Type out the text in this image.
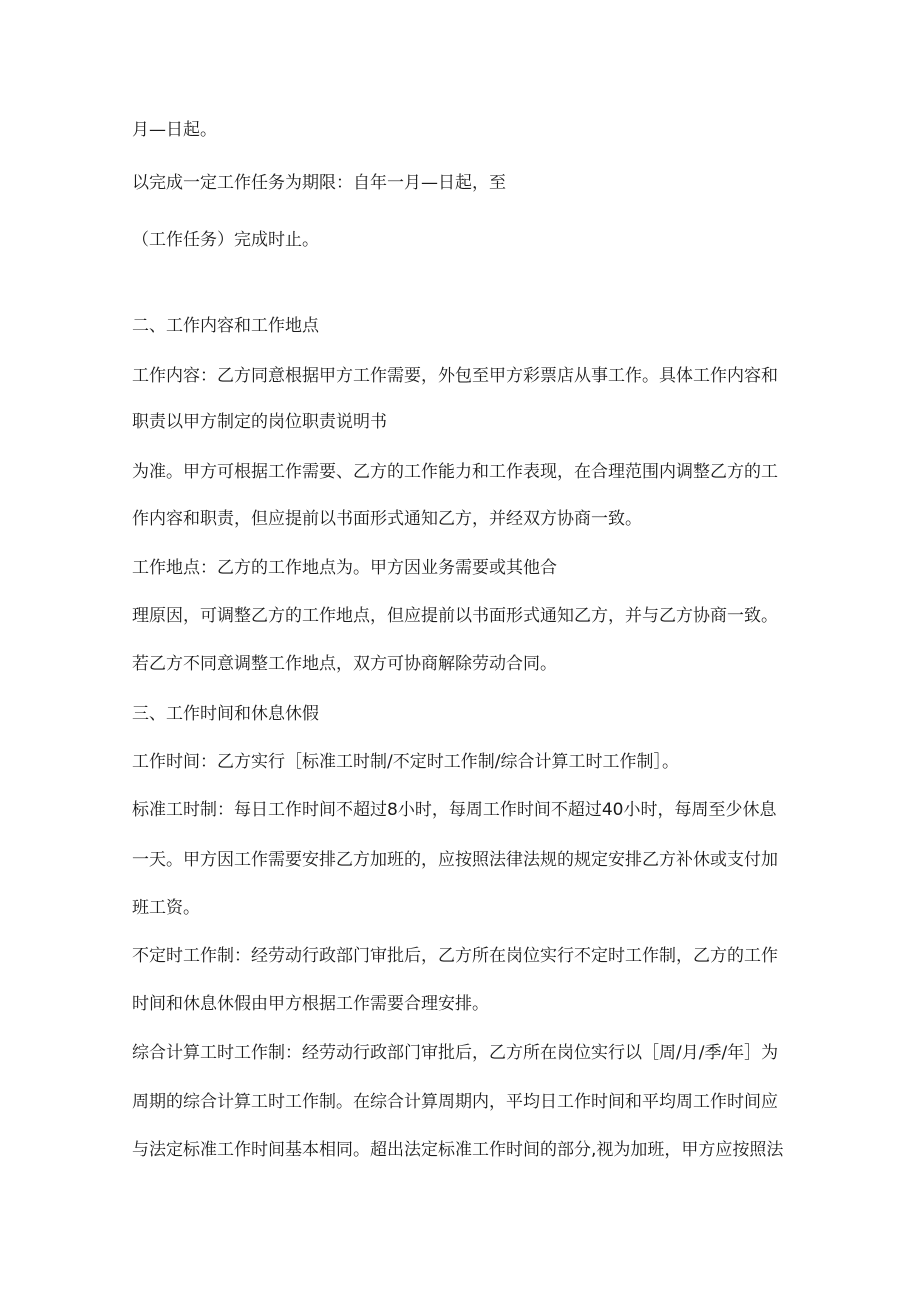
月—日起。

以完成一定工作任务为期限：自年一月—日起，至

（工作任务）完成时止。

二、工作内容和工作地点

工作内容：乙方同意根据甲方工作需要，外包至甲方彩票店从事工作。具体工作内容和

职责以甲方制定的岗位职责说明书

为准。甲方可根据工作需要、乙方的工作能力和工作表现，在合理范围内调整乙方的工

作内容和职责，但应提前以书面形式通知乙方，并经双方协商一致。

工作地点：乙方的工作地点为。甲方因业务需要或其他合

理原因，可调整乙方的工作地点，但应提前以书面形式通知乙方，并与乙方协商一致。

若乙方不同意调整工作地点，双方可协商解除劳动合同。

三、工作时间和休息休假

工作时间：乙方实行［标准工时制/不定时工作制/综合计算工时工作制］。

标准工时制：每日工作时间不超过8小时，每周工作时间不超过40小时，每周至少休息

一天。甲方因工作需要安排乙方加班的，应按照法律法规的规定安排乙方补休或支付加

班工资。

不定时工作制：经劳动行政部门审批后，乙方所在岗位实行不定时工作制，乙方的工作

时间和休息休假由甲方根据工作需要合理安排。

综合计算工时工作制：经劳动行政部门审批后，乙方所在岗位实行以［周/月/季/年］为

周期的综合计算工时工作制。在综合计算周期内，平均日工作时间和平均周工作时间应

与法定标准工作时间基本相同。超出法定标准工作时间的部分,视为加班，甲方应按照法
